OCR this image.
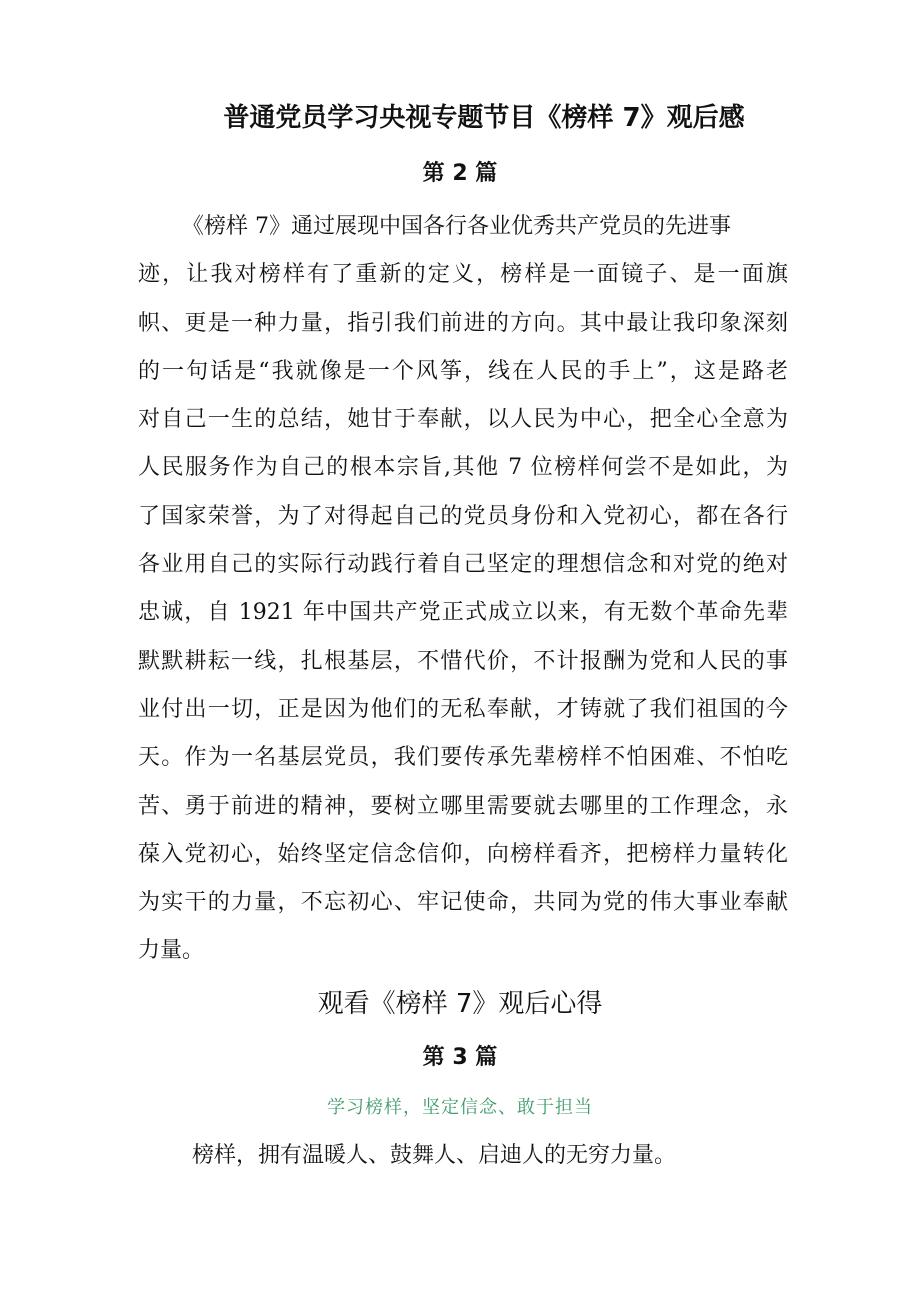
普通党员学习央视专题节目《榜样 7》观后感
第 2 篇
《榜样 7》通过展现中国各行各业优秀共产党员的先进事
迹，让我对榜样有了重新的定义，榜样是一面镜子、是一面旗
帜、更是一种力量，指引我们前进的方向。其中最让我印象深刻
的一句话是“我就像是一个风筝，线在人民的手上”，这是路老
对自己一生的总结，她甘于奉献，以人民为中心，把全心全意为
人民服务作为自己的根本宗旨,其他 7 位榜样何尝不是如此，为
了国家荣誉，为了对得起自己的党员身份和入党初心，都在各行
各业用自己的实际行动践行着自己坚定的理想信念和对党的绝对
忠诚，自 1921 年中国共产党正式成立以来，有无数个革命先辈
默默耕耘一线，扎根基层，不惜代价，不计报酬为党和人民的事
业付出一切，正是因为他们的无私奉献，才铸就了我们祖国的今
天。作为一名基层党员，我们要传承先辈榜样不怕困难、不怕吃
苦、勇于前进的精神，要树立哪里需要就去哪里的工作理念，永
葆入党初心，始终坚定信念信仰，向榜样看齐，把榜样力量转化
为实干的力量，不忘初心、牢记使命，共同为党的伟大事业奉献
力量。
观看《榜样 7》观后心得
第 3 篇
学习榜样，坚定信念、敢于担当
榜样，拥有温暖人、鼓舞人、启迪人的无穷力量。
